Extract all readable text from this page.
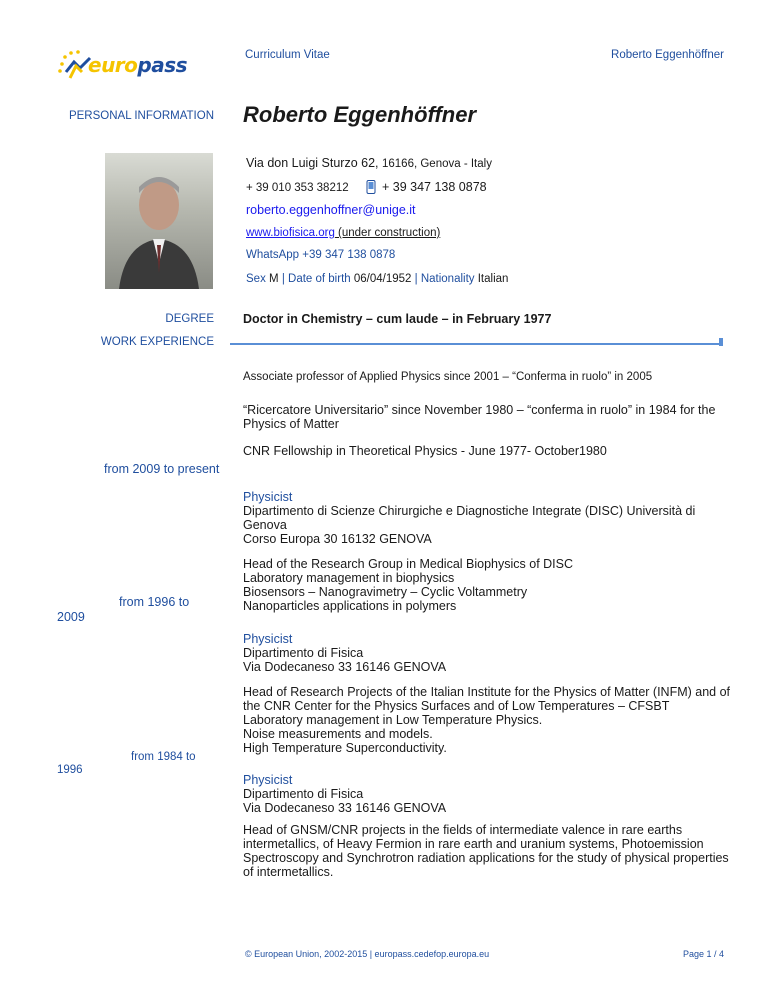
europass	Curriculum Vitae	Roberto Eggenhöffner
PERSONAL INFORMATION Roberto Eggenhöffner
Via don Luigi Sturzo 62, 16166, Genova - Italy
+ 39 010 353 38212	+ 39 347 138 0878
roberto.eggenhoffner@unige.it
www.biofisica.org (under construction)
WhatsApp +39 347 138 0878
Sex M | Date of birth 06/04/1952 | Nationality Italian
DEGREE Doctor in Chemistry – cum laude – in February 1977
WORK EXPERIENCE
Associate professor of Applied Physics since 2001 – “Conferma in ruolo” in 2005
“Ricercatore Universitario” since November 1980 – “conferma in ruolo” in 1984 for the
Physics of Matter
CNR Fellowship in Theoretical Physics - June 1977- October1980
from 2009 to present
Physicist
Dipartimento di Scienze Chirurgiche e Diagnostiche Integrate (DISC) Università di
Genova
Corso Europa 30 16132 GENOVA
Head of the Research Group in Medical Biophysics of DISC
Laboratory management in biophysics
Biosensors – Nanogravimetry – Cyclic Voltammetry
Nanoparticles applications in polymers
from 1996 to
2009
Physicist
Dipartimento di Fisica
Via Dodecaneso 33 16146 GENOVA
Head of Research Projects of the Italian Institute for the Physics of Matter (INFM) and of
the CNR Center for the Physics Surfaces and of Low Temperatures – CFSBT
Laboratory management in Low Temperature Physics.
Noise measurements and models.
High Temperature Superconductivity.
from 1984 to
1996
Physicist
Dipartimento di Fisica
Via Dodecaneso 33 16146 GENOVA
Head of GNSM/CNR projects in the fields of intermediate valence in rare earths
intermetallics, of Heavy Fermion in rare earth and uranium systems, Photoemission
Spectroscopy and Synchrotron radiation applications for the study of physical properties
of intermetallics.
© European Union, 2002-2015 | europass.cedefop.europa.eu	Page 1 / 4
